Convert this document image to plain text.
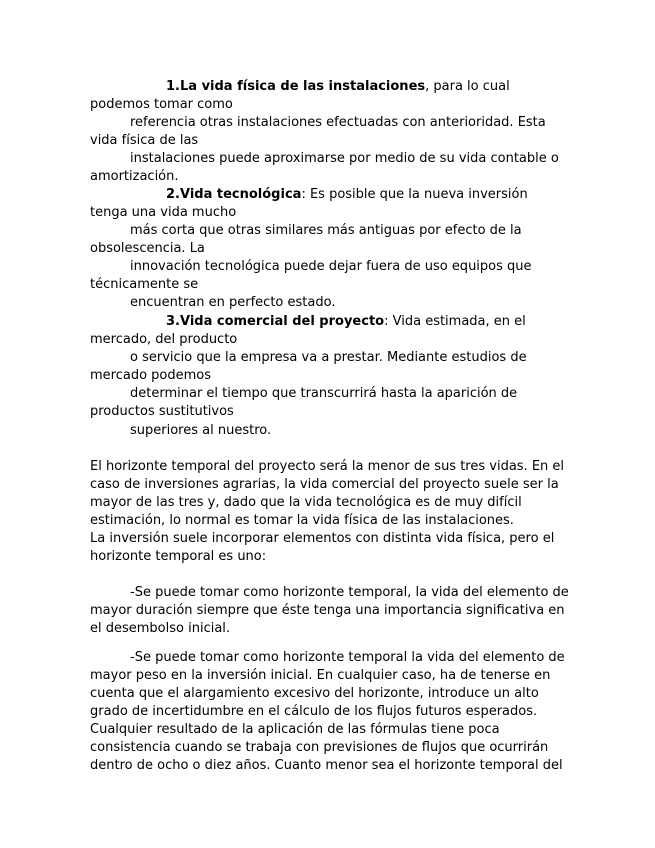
1.La vida física de las instalaciones, para lo cual
podemos tomar como
referencia otras instalaciones efectuadas con anterioridad. Esta
vida física de las
instalaciones puede aproximarse por medio de su vida contable o
amortización.
2.Vida tecnológica: Es posible que la nueva inversión
tenga una vida mucho
más corta que otras similares más antiguas por efecto de la
obsolescencia. La
innovación tecnológica puede dejar fuera de uso equipos que
técnicamente se
encuentran en perfecto estado.
3.Vida comercial del proyecto: Vida estimada, en el
mercado, del producto
o servicio que la empresa va a prestar. Mediante estudios de
mercado podemos
determinar el tiempo que transcurrirá hasta la aparición de
productos sustitutivos
superiores al nuestro.
El horizonte temporal del proyecto será la menor de sus tres vidas. En el
caso de inversiones agrarias, la vida comercial del proyecto suele ser la
mayor de las tres y, dado que la vida tecnológica es de muy difícil
estimación, lo normal es tomar la vida física de las instalaciones.
La inversión suele incorporar elementos con distinta vida física, pero el
horizonte temporal es uno:
-Se puede tomar como horizonte temporal, la vida del elemento de
mayor duración siempre que éste tenga una importancia significativa en
el desembolso inicial.
-Se puede tomar como horizonte temporal la vida del elemento de
mayor peso en la inversión inicial. En cualquier caso, ha de tenerse en
cuenta que el alargamiento excesivo del horizonte, introduce un alto
grado de incertidumbre en el cálculo de los flujos futuros esperados.
Cualquier resultado de la aplicación de las fórmulas tiene poca
consistencia cuando se trabaja con previsiones de flujos que ocurrirán
dentro de ocho o diez años. Cuanto menor sea el horizonte temporal del
